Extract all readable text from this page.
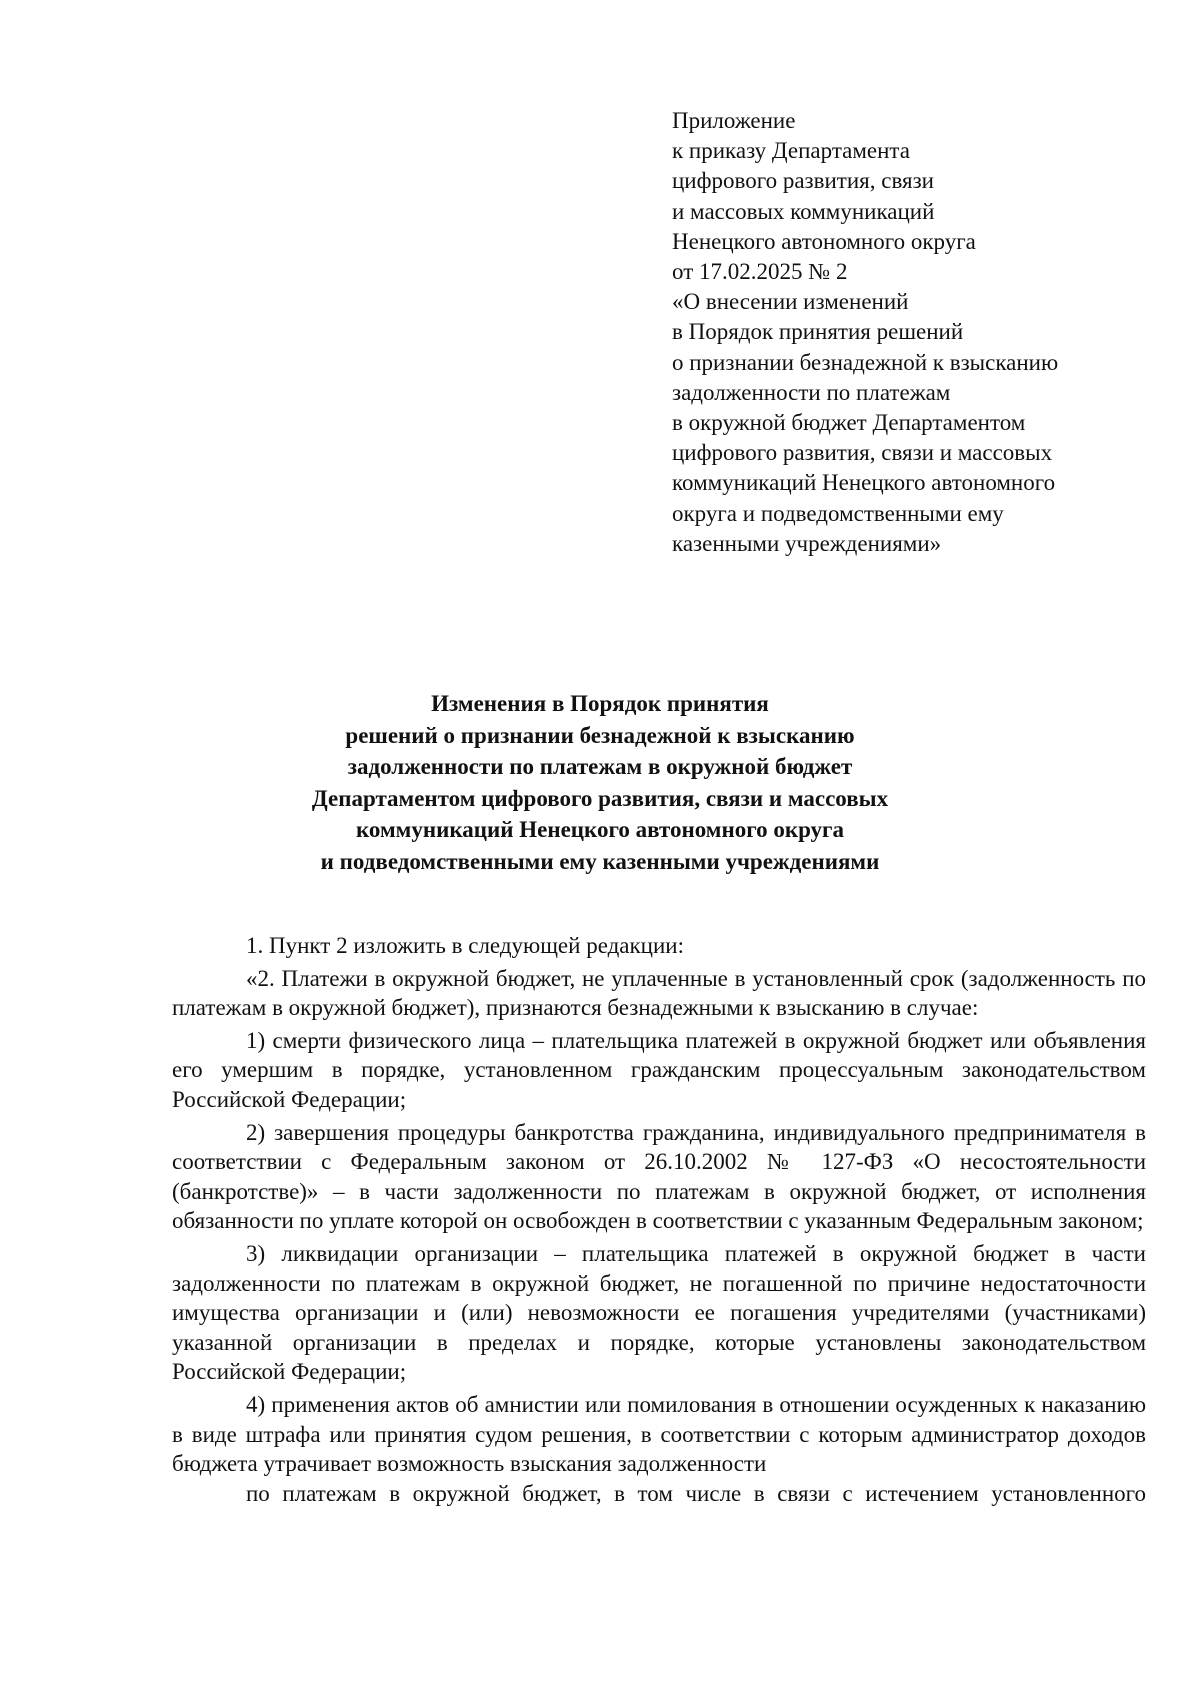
Приложение
к приказу Департамента
цифрового развития, связи
и массовых коммуникаций
Ненецкого автономного округа
от 17.02.2025 № 2
«О внесении изменений
в Порядок принятия решений
о признании безнадежной к взысканию
задолженности по платежам
в окружной бюджет Департаментом
цифрового развития, связи и массовых
коммуникаций Ненецкого автономного
округа и подведомственными ему
казенными учреждениями»
Изменения в Порядок принятия
решений о признании безнадежной к взысканию
задолженности по платежам в окружной бюджет
Департаментом цифрового развития, связи и массовых
коммуникаций Ненецкого автономного округа
и подведомственными ему казенными учреждениями

1. Пункт 2 изложить в следующей редакции:

«2. Платежи в окружной бюджет, не уплаченные в установленный срок (задолженность по платежам в окружной бюджет), признаются безнадежными к взысканию в случае:

1) смерти физического лица – плательщика платежей в окружной бюджет или объявления его умершим в порядке, установленном гражданским процессуальным законодательством Российской Федерации;

2) завершения процедуры банкротства гражданина, индивидуального предпринимателя в соответствии с Федеральным законом от 26.10.2002 № 127-ФЗ «О несостоятельности (банкротстве)» – в части задолженности по платежам в окружной бюджет, от исполнения обязанности по уплате которой он освобожден в соответствии с указанным Федеральным законом;

3) ликвидации организации – плательщика платежей в окружной бюджет в части задолженности по платежам в окружной бюджет, не погашенной по причине недостаточности имущества организации и (или) невозможности ее погашения учредителями (участниками) указанной организации в пределах и порядке, которые установлены законодательством Российской Федерации;

4) применения актов об амнистии или помилования в отношении осужденных к наказанию в виде штрафа или принятия судом решения, в соответствии с которым администратор доходов бюджета утрачивает возможность взыскания задолженности
по платежам в окружной бюджет, в том числе в связи с истечением установленного
